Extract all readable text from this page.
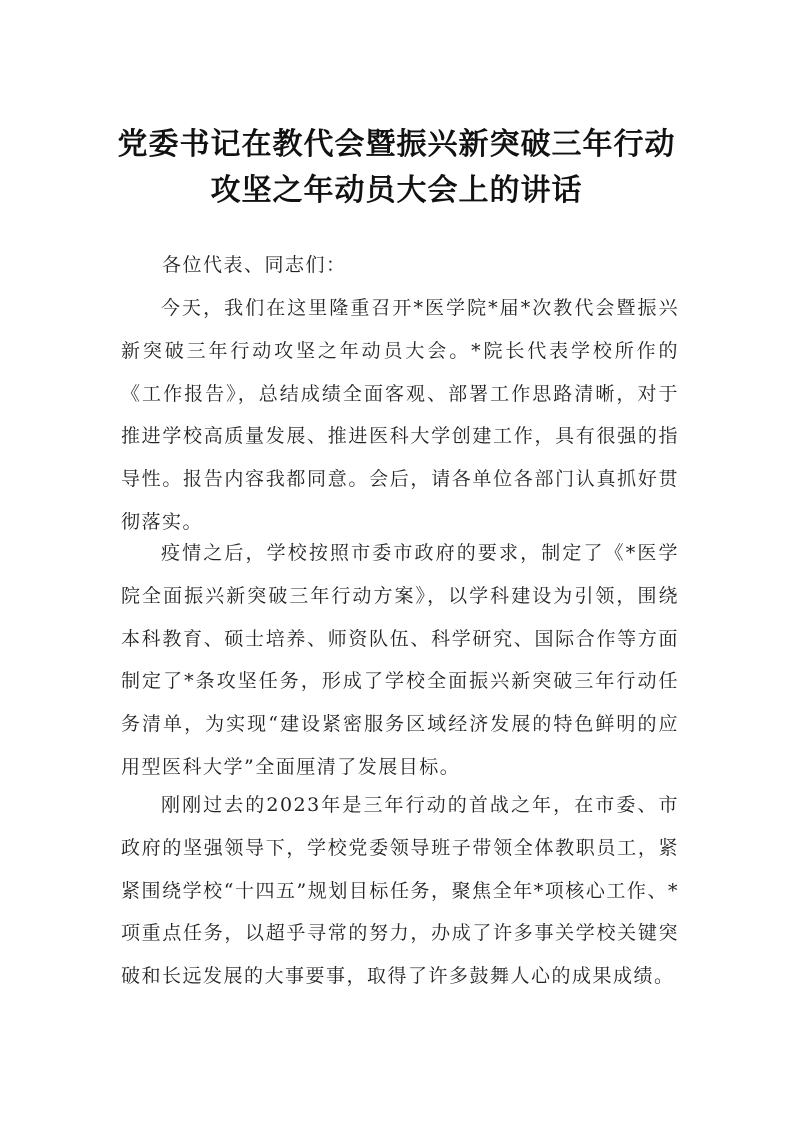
党委书记在教代会暨振兴新突破三年行动
攻坚之年动员大会上的讲话
各位代表、同志们：

今天，我们在这里隆重召开*医学院*届*次教代会暨振兴新突破三年行动攻坚之年动员大会。*院长代表学校所作的《工作报告》，总结成绩全面客观、部署工作思路清晰，对于推进学校高质量发展、推进医科大学创建工作，具有很强的指导性。报告内容我都同意。会后，请各单位各部门认真抓好贯彻落实。

疫情之后，学校按照市委市政府的要求，制定了《*医学院全面振兴新突破三年行动方案》，以学科建设为引领，围绕本科教育、硕士培养、师资队伍、科学研究、国际合作等方面制定了*条攻坚任务，形成了学校全面振兴新突破三年行动任务清单，为实现“建设紧密服务区域经济发展的特色鲜明的应用型医科大学”全面厘清了发展目标。

刚刚过去的2023年是三年行动的首战之年，在市委、市政府的坚强领导下，学校党委领导班子带领全体教职员工，紧紧围绕学校“十四五”规划目标任务，聚焦全年*项核心工作、*项重点任务，以超乎寻常的努力，办成了许多事关学校关键突破和长远发展的大事要事，取得了许多鼓舞人心的成果成绩。
